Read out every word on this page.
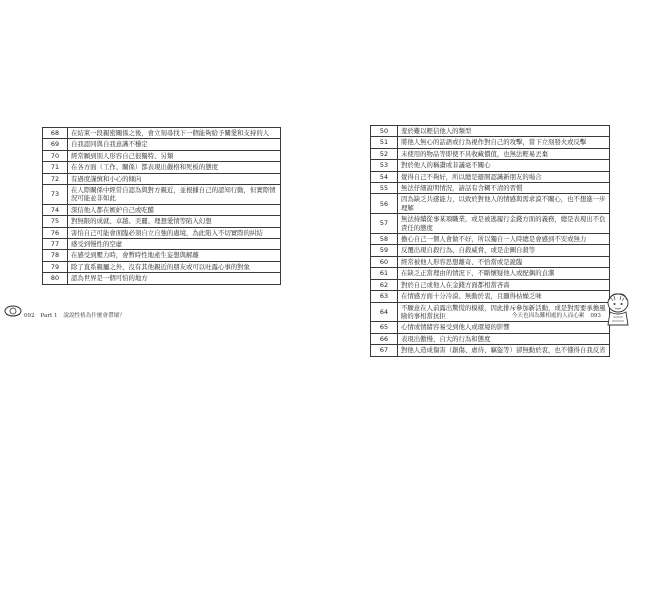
092 Part 1 說說性格為什麼會帶壞？
68	在結束一段親密關係之後，會立刻尋找下一個能夠給予關愛和支持的人
69	自我認同與自我意識不穩定
70	經常願到別人形容自己很獨特、另類
71	在各方面（工作、關係）都表現出嚴格和死板的態度
72	有過度謹慎和小心的傾向
73	在人際關係中經常自認為與對方親近，並根據自己的認知行動，但實際情況可能並非如此
74	深信他人都在嫉妒自己或吃醋
75	對無限的成就、卓越、美麗、理想愛情等陷入幻想
76	害怕自己可能會面臨必須自立自強的處境，為此陷入不切實際的糾結
77	感受到慢性的空虛
78	在感受到壓力時，會暫時性地產生妄想與解離
79	除了直系親屬之外，沒有其他親近的朋友或可以吐露心事的對象
80	認為世界是一個可怕的地方
50	羞於難以輕信他人的類型
51	將他人無心的話語或行為視作對自己的攻擊，當下立刻發火或反擊
52	未使用的物品等即使不具收藏價值，也無法輕易丟棄
53	對於他人的稱讚或非議毫不關心
54	覺得自己不夠好，所以總是避開認識新朋友的場合
55	無法仔細說明情況，請話有含糊不清的習慣
56	因為缺乏共感能力，以致於對他人的情感與需求漠不關心，也不想進一步理解
57	無法持續從事某項職業，或是被逃履行金錢方面的義務，總是表現出不負責任的態度
58	擔心自己一個人會做不好，所以獨自一人時總是會感到不安或無力
59	反覆出現自殺行為、自殺威脅，或是企圖自殺等
60	經常被他人形容思想離奇、不恰當或是詭臨
61	在缺乏正當理由的情況下，不斷懷疑他人或配偶的貞潔
62	對於自己或他人在金錢方面都相當吝嗇
63	在情感方面十分冷漠、無動於衷，且顯得枯燥乏味
64	不願意在人前露出驚慌的模樣，因此排斥參加新活動，或是對需要承擔風險的事相當抗拒
65	心情或情緒容易受到他人或環境的影響
66	表現出傲慢、自大的行為和態度
67	對他人造成傷害（創傷、虐待、竊盜等）卻無動於衷，也不懂得自我反省
今天也因為難相處的人而心累 093
